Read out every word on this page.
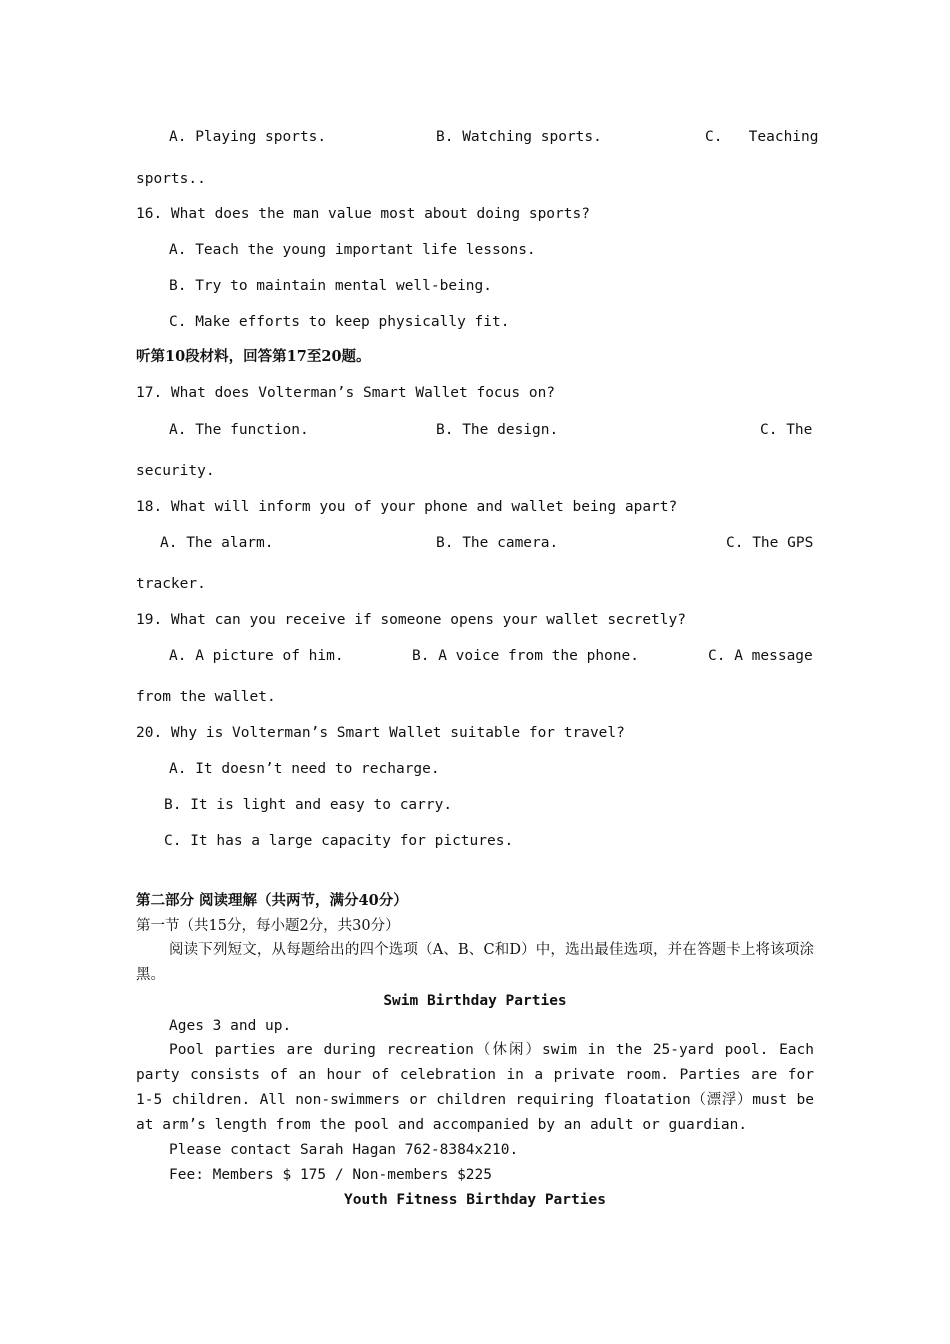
A. Playing sports.	B. Watching sports.	C.   Teaching
sports..
16. What does the man value most about doing sports?
A. Teach the young important life lessons.
B. Try to maintain mental well-being.
C. Make efforts to keep physically fit.
听第10段材料，回答第17至20题。
17. What does Volterman’s Smart Wallet focus on?
A. The function.	B. The design.	C. The
security.
18. What will inform you of your phone and wallet being apart?
A. The alarm.	B. The camera.	C. The GPS
tracker.
19. What can you receive if someone opens your wallet secretly?
A. A picture of him.	B. A voice from the phone.	C. A message
from the wallet.
20. Why is Volterman’s Smart Wallet suitable for travel?
A. It doesn’t need to recharge.
B. It is light and easy to carry.
C. It has a large capacity for pictures.
第二部分 阅读理解（共两节，满分40分）
第一节（共15分，每小题2分，共30分）
阅读下列短文，从每题给出的四个选项（A、B、C和D）中，选出最佳选项，并在答题卡上将该项涂黑。
Swim Birthday Parties
Ages 3 and up.
Pool parties are during recreation（休闲）swim in the 25-yard pool. Each party consists of an hour of celebration in a private room. Parties are for 1-5 children. All non-swimmers or children requiring floatation（漂浮）must be at arm’s length from the pool and accompanied by an adult or guardian.
Please contact Sarah Hagan 762-8384x210.
Fee: Members $ 175 / Non-members $225
Youth Fitness Birthday Parties
